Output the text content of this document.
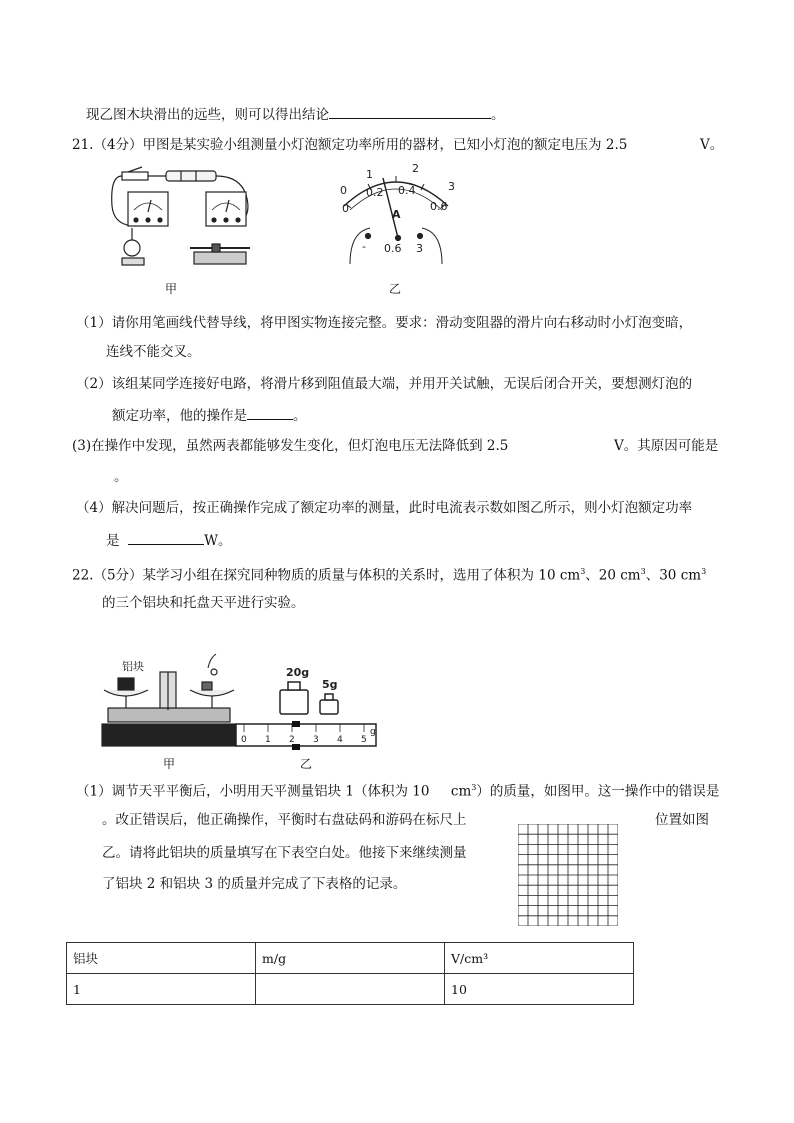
现乙图木块滑出的远些，则可以得出结论	。
21.（4分）甲图是某实验小组测量小灯泡额定功率所用的器材，已知小灯泡的额定电压为 2.5	V。
甲
0
1	2
3
0
0.2 0.4
0.6
A
- 0.6 3
乙
（1）请你用笔画线代替导线，将甲图实物连接完整。要求：滑动变阻器的滑片向右移动时小灯泡变暗，
连线不能交叉。
（2）该组某同学连接好电路，将滑片移到阻值最大端，并用开关试触，无误后闭合开关，要想测灯泡的
额定功率，他的操作是	。
(3)在操作中发现，虽然两表都能够发生变化，但灯泡电压无法降低到 2.5	V。其原因可能是
。
（4）解决问题后，按正确操作完成了额定功率的测量，此时电流表示数如图乙所示，则小灯泡额定功率
是	W。
22.（5分）某学习小组在探究同种物质的质量与体积的关系时，选用了体积为 10 $cm^3$、20 $cm^3$、30 $cm^3$
的三个铝块和托盘天平进行实验。
铝块
甲
20g
5g
0 1 2 3 4 5
g
乙
（1）调节天平平衡后，小明用天平测量铝块 1（体积为 10 $cm^3$）的质量，如图甲。这一操作中的错误是
。改正错误后，他正确操作，平衡时右盘砝码和游码在标尺上	位置如图
乙。请将此铝块的质量填写在下表空白处。他接下来继续测量
了铝块 2 和铝块 3 的质量并完成了下表格的记录。
铝块	m/g	V/cm³
1		10
